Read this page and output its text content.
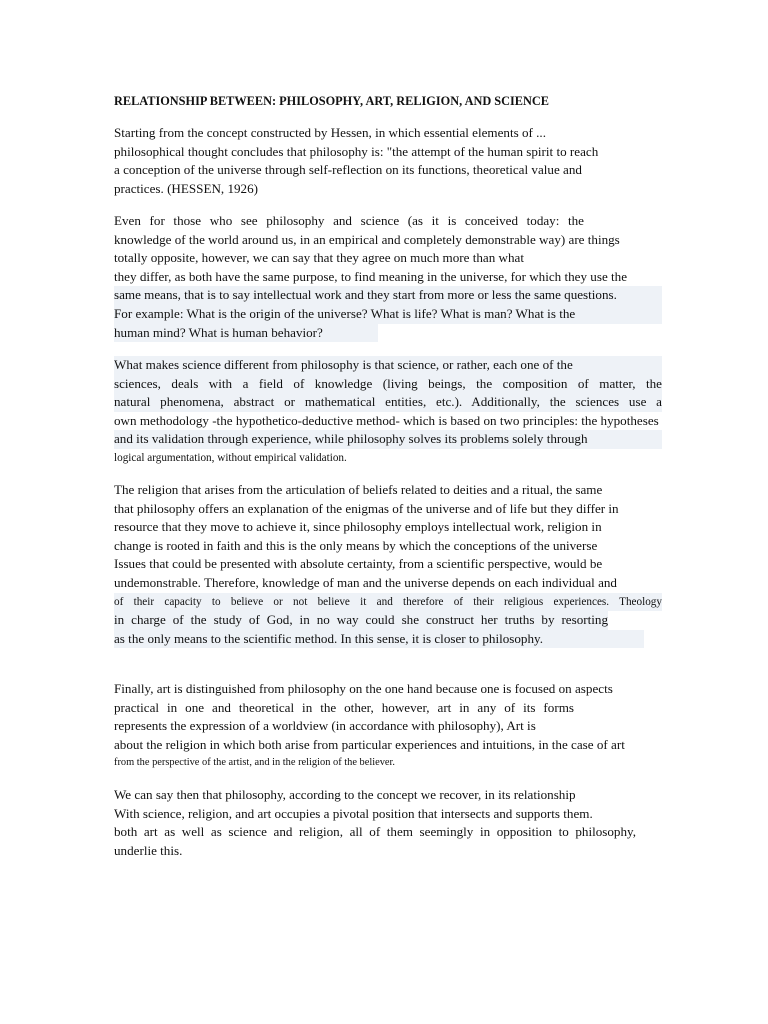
RELATIONSHIP BETWEEN: PHILOSOPHY, ART, RELIGION, AND SCIENCE
Starting from the concept constructed by Hessen, in which essential elements of ...
philosophical thought concludes that philosophy is: "the attempt of the human spirit to reach
a conception of the universe through self-reflection on its functions, theoretical value and
practices. (HESSEN, 1926)
Even for those who see philosophy and science (as it is conceived today: the
knowledge of the world around us, in an empirical and completely demonstrable way) are things
totally opposite, however, we can say that they agree on much more than what
they differ, as both have the same purpose, to find meaning in the universe, for which they use the
same means, that is to say intellectual work and they start from more or less the same questions.
For example: What is the origin of the universe? What is life? What is man? What is the
human mind? What is human behavior?
What makes science different from philosophy is that science, or rather, each one of the
sciences, deals with a field of knowledge (living beings, the composition of matter, the
natural phenomena, abstract or mathematical entities, etc.). Additionally, the sciences use a
own methodology -the hypothetico-deductive method- which is based on two principles: the hypotheses
and its validation through experience, while philosophy solves its problems solely through
logical argumentation, without empirical validation.
The religion that arises from the articulation of beliefs related to deities and a ritual, the same
that philosophy offers an explanation of the enigmas of the universe and of life but they differ in
resource that they move to achieve it, since philosophy employs intellectual work, religion in
change is rooted in faith and this is the only means by which the conceptions of the universe
Issues that could be presented with absolute certainty, from a scientific perspective, would be
undemonstrable. Therefore, knowledge of man and the universe depends on each individual and
of their capacity to believe or not believe it and therefore of their religious experiences. Theology
in charge of the study of God, in no way could she construct her truths by resorting
as the only means to the scientific method. In this sense, it is closer to philosophy.
Finally, art is distinguished from philosophy on the one hand because one is focused on aspects
practical in one and theoretical in the other, however, art in any of its forms
represents the expression of a worldview (in accordance with philosophy), Art is
about the religion in which both arise from particular experiences and intuitions, in the case of art
from the perspective of the artist, and in the religion of the believer.
We can say then that philosophy, according to the concept we recover, in its relationship
With science, religion, and art occupies a pivotal position that intersects and supports them.
both art as well as science and religion, all of them seemingly in opposition to philosophy,
underlie this.
